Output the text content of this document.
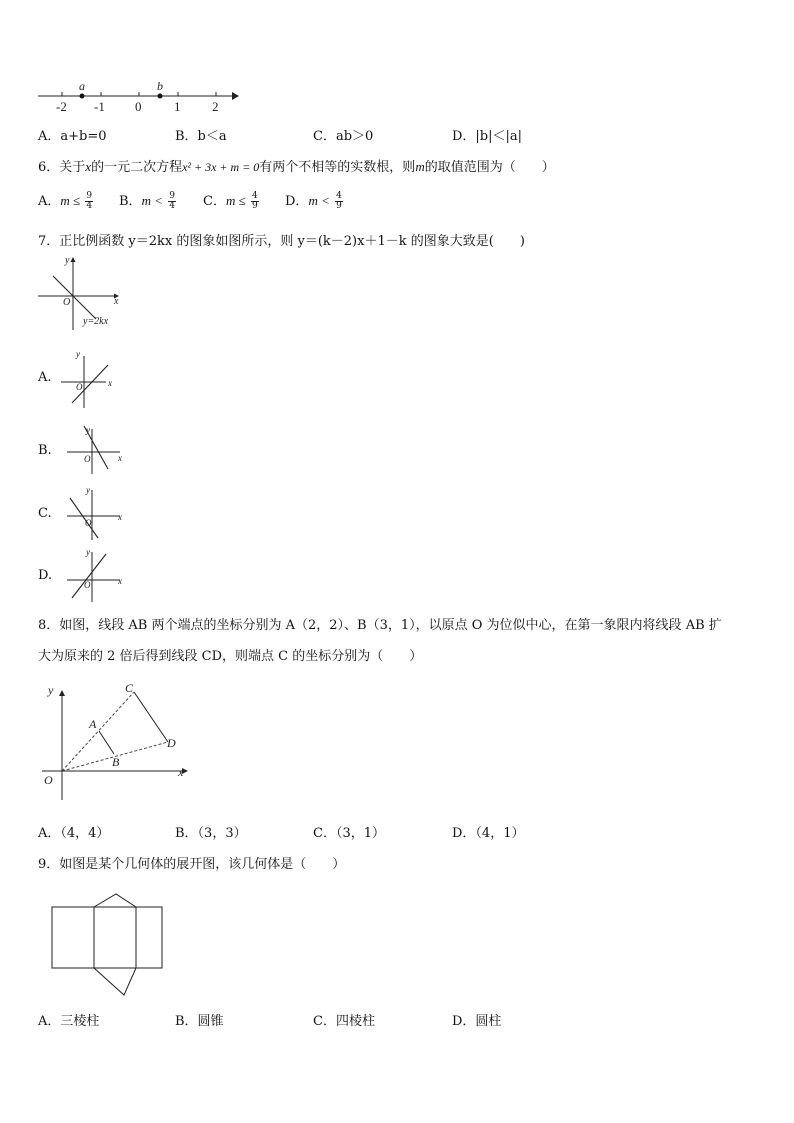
a	b
-2 -1 0	1 2
A．a+b=0	B．b＜a	C．ab＞0	D．|b|＜|a|
6．关于x的一元二次方程x² + 3x + m = 0有两个不相等的实数根，则m的取值范围为（　　）
A．$m \le \frac{9}{4}$ B．$m < \frac{9}{4}$ C．$m \le \frac{4}{9}$ D．$m < \frac{4}{9}$
7．正比例函数 y＝2kx 的图象如图所示，则 y＝(k－2)x＋1－k 的图象大致是(　　)
y
x
O
y=2kx
A.
y
x
O
B.
y
x
O
C.
y
x
O
D.
y
x
O
8．如图，线段 AB 两个端点的坐标分别为 A（2，2）、B（3，1），以原点 O 为位似中心，在第一象限内将线段 AB 扩
大为原来的 2 倍后得到线段 CD，则端点 C 的坐标分别为（　　）
y
x
O
A
B
C
D
A．（4，4）	B．（3，3）	C．（3，1）	D．（4，1）
9．如图是某个几何体的展开图，该几何体是（　　）
A．三棱柱	B．圆锥	C．四棱柱	D．圆柱
